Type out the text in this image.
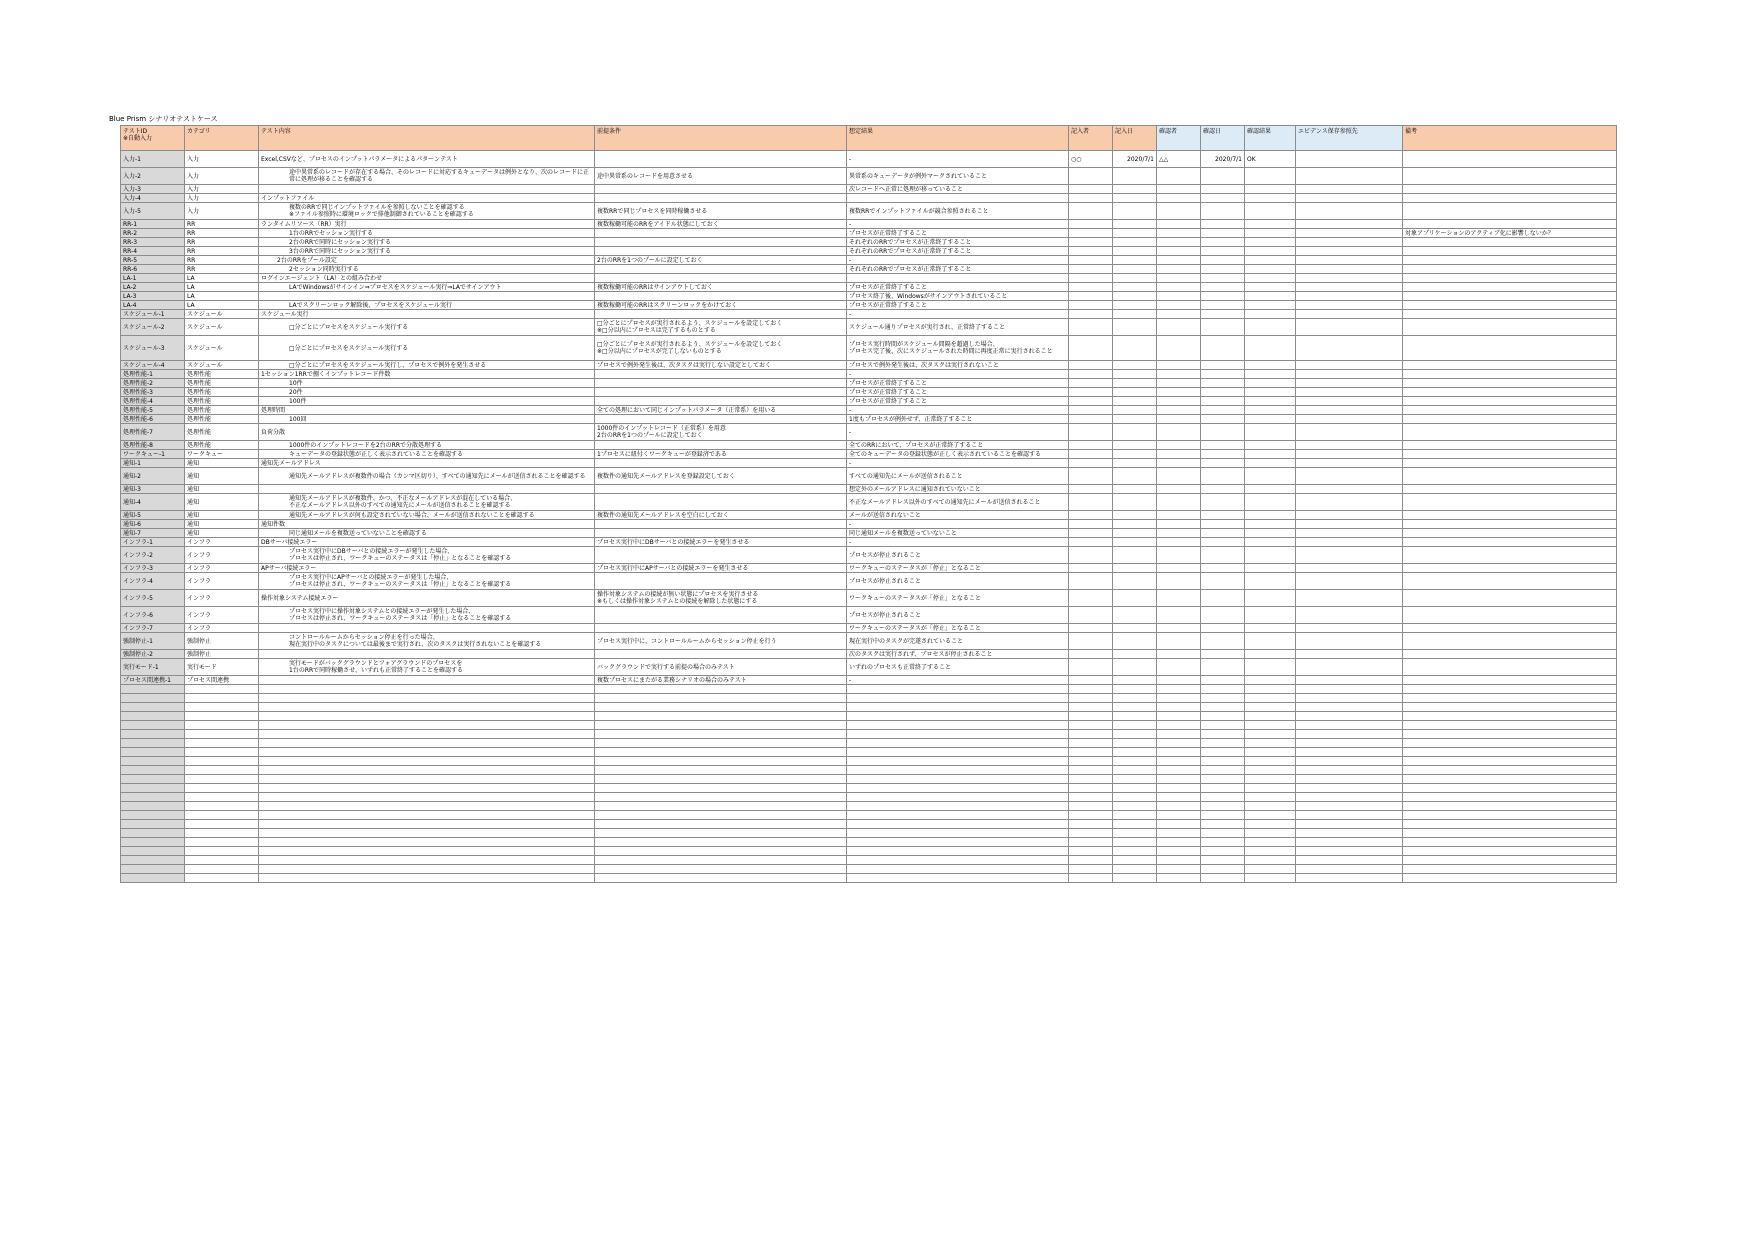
Blue Prism シナリオテストケース
テストID
※自動入力	カテゴリ	テスト内容	前提条件	想定結果	記入者	記入日	確認者	確認日	確認結果	エビデンス保存参照先	備考
入力-1	入力	Excel,CSVなど、プロセスのインプットパラメータによるパターンテスト		-	○○	2020/7/1	△△	2020/7/1	OK		
入力-2	入力	途中異常系のレコードが存在する場合、そのレコードに対応するキューデータは例外となり、次のレコードに正常に処理が移ることを確認する	途中異常系のレコードを用意させる	異常系のキューデータが例外マークされていること							
入力-3	入力			次レコードへ正常に処理が移っていること							
入力-4	入力	インプットファイル									
入力-5	入力	複数のRRで同じインプットファイルを参照しないことを確認する
※ファイル参照時に環境ロックで排他制御されていることを確認する	複数RRで同じプロセスを同時稼働させる	複数RRでインプットファイルが競合参照されること							
RR-1	RR	ランタイムリソース（RR）実行	複数稼働可能のRRをアイドル状態にしておく	-							
RR-2	RR	1台のRRでセッション実行する		プロセスが正常終了すること							対象アプリケーションのアクティブ化に影響しないか？
RR-3	RR	2台のRRで同時にセッション実行する		それぞれのRRでプロセスが正常終了すること							
RR-4	RR	3台のRRで同時にセッション実行する		それぞれのRRでプロセスが正常終了すること							
RR-5	RR	2台のRRをプール設定	2台のRRを1つのプールに設定しておく	-							
RR-6	RR	2セッション同時実行する		それぞれのRRでプロセスが正常終了すること							
LA-1	LA	ログインエージェント（LA）との組み合わせ									
LA-2	LA	LAでWindowsがサインイン⇒プロセスをスケジュール実行⇒LAでサインアウト	複数稼働可能のRRはサインアウトしておく	プロセスが正常終了すること							
LA-3	LA			プロセス終了後、Windowsがサインアウトされていること							
LA-4	LA	LAでスクリーンロック解除後、プロセスをスケジュール実行	複数稼働可能のRRはスクリーンロックをかけておく	プロセスが正常終了すること							
スケジュール-1	スケジュール	スケジュール実行		-							
スケジュール-2	スケジュール	□分ごとにプロセスをスケジュール実行する	□分ごとにプロセスが実行されるよう、スケジュールを設定しておく
※□分以内にプロセスは完了するものとする	スケジュール通りプロセスが実行され、正常終了すること							
スケジュール-3	スケジュール	□分ごとにプロセスをスケジュール実行する	□分ごとにプロセスが実行されるよう、スケジュールを設定しておく
※□分以内にプロセスが完了しないものとする	プロセス実行時間がスケジュール間隔を超過した場合、
プロセス完了後、次にスケジュールされた時間に再度正常に実行されること							
スケジュール-4	スケジュール	□分ごとにプロセスをスケジュール実行し、プロセスで例外を発生させる	プロセスで例外発生後は、次タスクは実行しない設定としておく	プロセスで例外発生後は、次タスクは実行されないこと							
処理性能-1	処理性能	1セッション1RRで捌くインプットレコード件数		-							
処理性能-2	処理性能	10件		プロセスが正常終了すること							
処理性能-3	処理性能	20件		プロセスが正常終了すること							
処理性能-4	処理性能	100件		プロセスが正常終了すること							
処理性能-5	処理性能	処理時間	全ての処理において同じインプットパラメータ（正常系）を用いる	-							
処理性能-6	処理性能	100回		1度もプロセスが例外せず、正常終了すること							
処理性能-7	処理性能	負荷分散	1000件のインプットレコード（正常系）を用意
2台のRRを1つのプールに設定しておく	-							
処理性能-8	処理性能	1000件のインプットレコードを2台のRRで分散処理する		全てのRRにおいて、プロセスが正常終了すること							
ワークキュー-1	ワークキュー	キューデータの登録状態が正しく表示されていることを確認する	1プロセスに紐付くワークキューが登録済である	全てのキューデータの登録状態が正しく表示されていることを確認する							
通知-1	通知	通知先メールアドレス		-							
通知-2	通知	通知先メールアドレスが複数件の場合（カンマ区切り）、すべての通知先にメールが送信されることを確認する	複数件の通知先メールアドレスを登録設定しておく	すべての通知先にメールが送信されること							
通知-3	通知			想定外のメールアドレスに通知されていないこと							
通知-4	通知	通知先メールアドレスが複数件、かつ、不正なメールアドレスが混在している場合、
不正なメールアドレス以外のすべての通知先にメールが送信されることを確認する		不正なメールアドレス以外のすべての通知先にメールが送信されること							
通知-5	通知	通知先メールアドレスが何も設定されていない場合、メールが送信されないことを確認する	複数件の通知先メールアドレスを空白にしておく	メールが送信されないこと							
通知-6	通知	通知件数		-							
通知-7	通知	同じ通知メールを複数送っていないことを確認する		同じ通知メールを複数送っていないこと							
インフラ-1	インフラ	DBサーバ接続エラー	プロセス実行中にDBサーバとの接続エラーを発生させる	-							
インフラ-2	インフラ	プロセス実行中にDBサーバとの接続エラーが発生した場合、
プロセスは停止され、ワークキューのステータスは「停止」となることを確認する		プロセスが停止されること							
インフラ-3	インフラ	APサーバ接続エラー	プロセス実行中にAPサーバとの接続エラーを発生させる	ワークキューのステータスが「停止」となること							
インフラ-4	インフラ	プロセス実行中にAPサーバとの接続エラーが発生した場合、
プロセスは停止され、ワークキューのステータスは「停止」となることを確認する		プロセスが停止されること							
インフラ-5	インフラ	操作対象システム接続エラー	操作対象システムの接続が無い状態にプロセスを実行させる
※もしくは操作対象システムとの接続を解除した状態にする	ワークキューのステータスが「停止」となること							
インフラ-6	インフラ	プロセス実行中に操作対象システムとの接続エラーが発生した場合、
プロセスは停止され、ワークキューのステータスは「停止」となることを確認する		プロセスが停止されること							
インフラ-7	インフラ			ワークキューのステータスが「停止」となること							
強制停止-1	強制停止	コントロールルームからセッション停止を行った場合、
現在実行中のタスクについては最後まで実行され、次のタスクは実行されないことを確認する	プロセス実行中に、コントロールルームからセッション停止を行う	現在実行中のタスクが完遂されていること							
強制停止-2	強制停止			次のタスクは実行されず、プロセスが停止されること							
実行モード-1	実行モード	実行モードがバックグラウンドとフォアグラウンドのプロセスを
1台のRRで同時稼働させ、いずれも正常終了することを確認する	バックグラウンドで実行する前提の場合のみテスト	いずれのプロセスも正常終了すること							
プロセス間連携-1	プロセス間連携		複数プロセスにまたがる業務シナリオの場合のみテスト	-							
